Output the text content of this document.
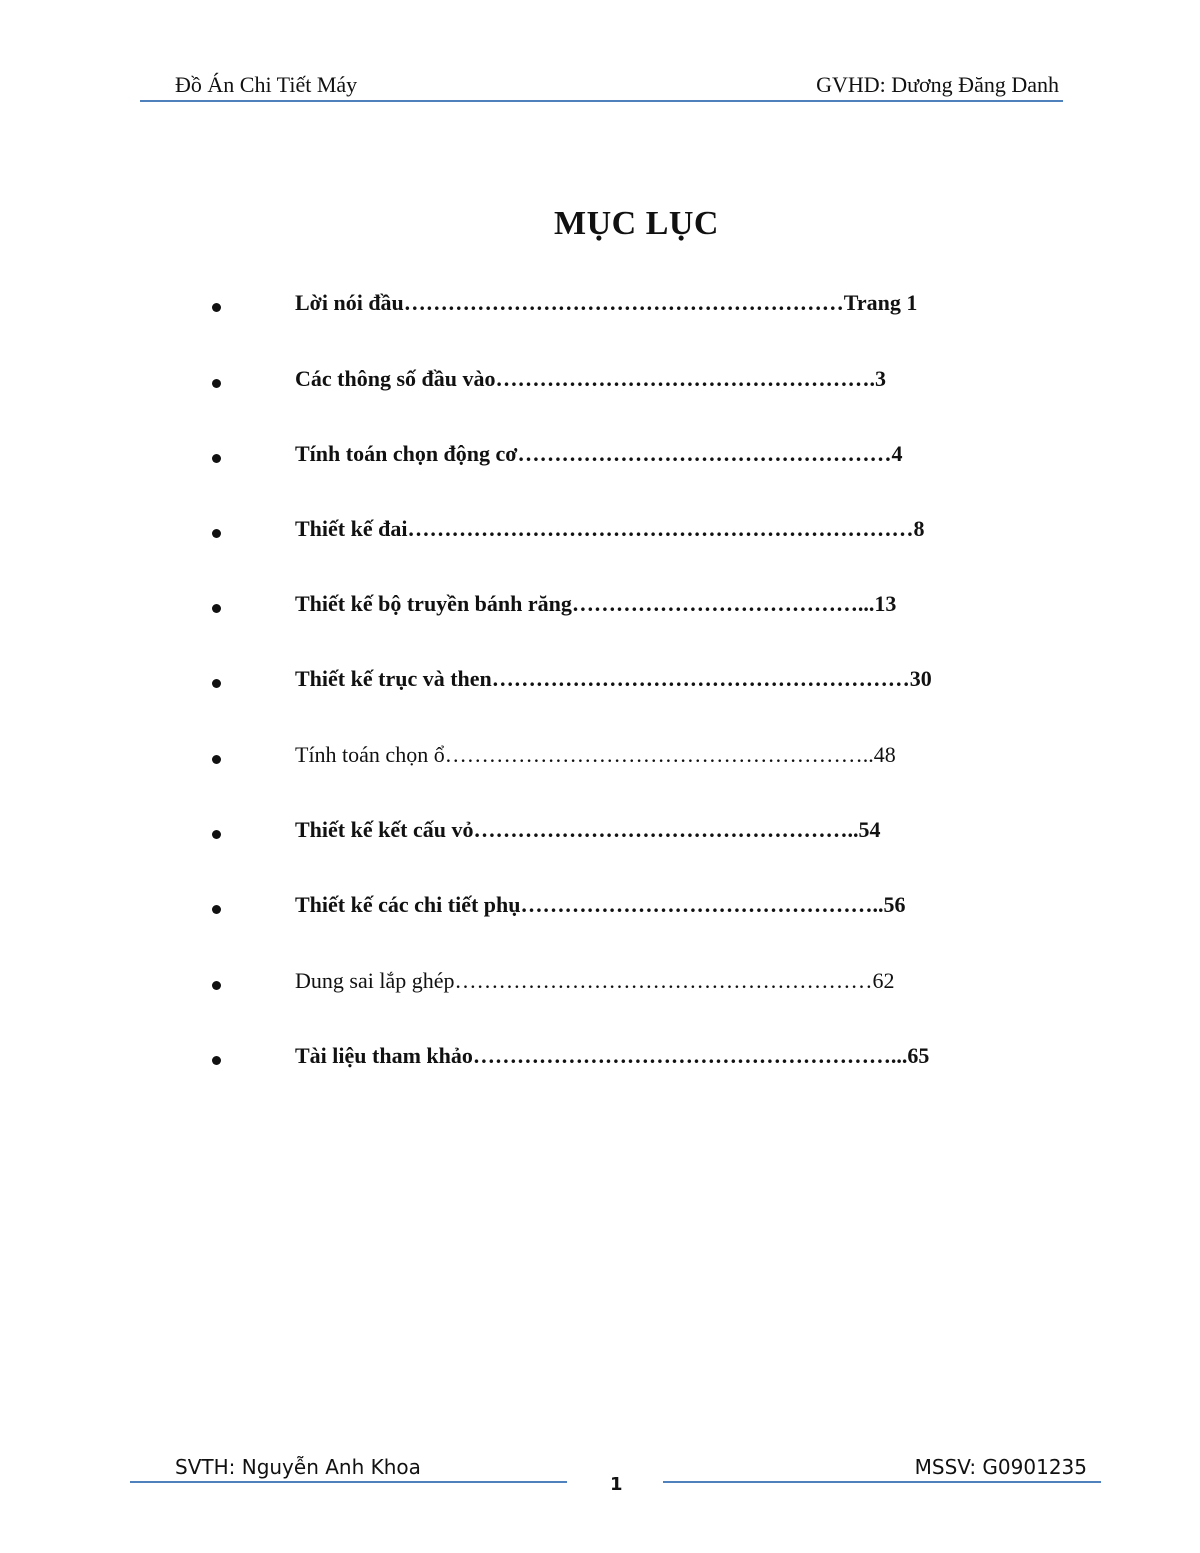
Đồ Án Chi Tiết Máy	GVHD: Dương Đăng Danh
MỤC LỤC
Lời nói đầu……………………………………………………Trang 1
Các thông số đầu vào…………………………………………….3
Tính toán chọn động cơ……………………………………………4
Thiết kế đai……………………………………………………………8
Thiết kế bộ truyền bánh răng…………………………………...13
Thiết kế trục và then…………………………………………………30
Tính toán chọn ổ…………………………………………………..48
Thiết kế kết cấu vỏ……………………………………………..54
Thiết kế các chi tiết phụ…………………………………………..56
Dung sai lắp ghép…………………………………………………62
Tài liệu tham khảo…………………………………………………...65
SVTH: Nguyễn Anh Khoa	MSSV: G0901235
1
